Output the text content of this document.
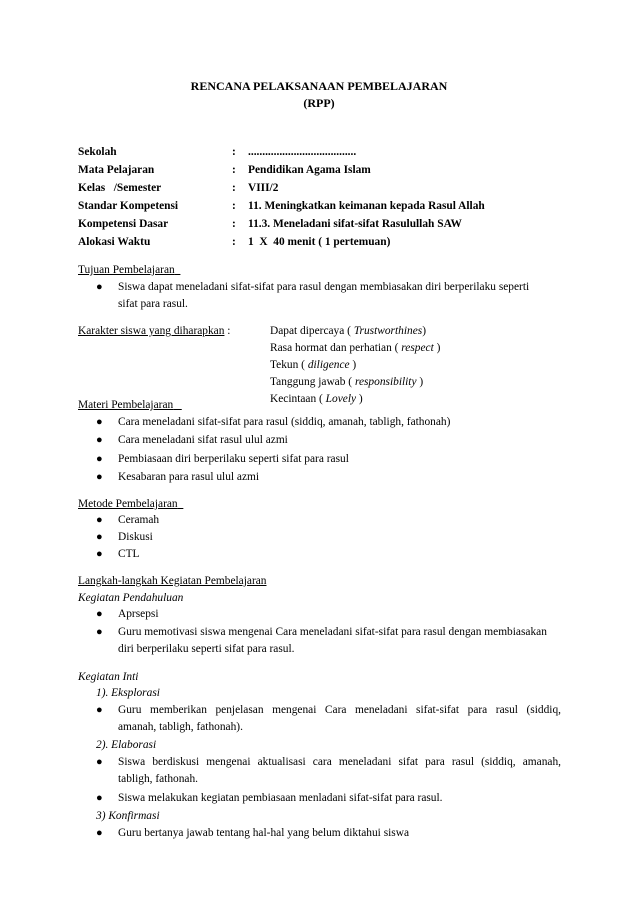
RENCANA PELAKSANAAN PEMBELAJARAN
(RPP)
Sekolah	: ......................................
Mata Pelajaran	: Pendidikan Agama Islam
Kelas   /Semester	: VIII/2
Standar Kompetensi	: 11. Meningkatkan keimanan kepada Rasul Allah
Kompetensi Dasar	: 11.3. Meneladani sifat-sifat Rasulullah SAW
Alokasi Waktu	: 1  X  40 menit ( 1 pertemuan)
Tujuan Pembelajaran
● Siswa dapat meneladani sifat-sifat para rasul dengan membiasakan diri berperilaku seperti
sifat para rasul.
Karakter siswa yang diharapkan :	Dapat dipercaya ( Trustworthines)
Rasa hormat dan perhatian ( respect )
Tekun ( diligence )
Tanggung jawab ( responsibility )
Kecintaan ( Lovely )
Materi Pembelajaran
● Cara meneladani sifat-sifat para rasul (siddiq, amanah, tabligh, fathonah)
● Cara meneladani sifat rasul ulul azmi
● Pembiasaan diri berperilaku seperti sifat para rasul
● Kesabaran para rasul ulul azmi
Metode Pembelajaran
● Ceramah
● Diskusi
● CTL
Langkah-langkah Kegiatan Pembelajaran
Kegiatan Pendahuluan
● Aprsepsi
● Guru memotivasi siswa mengenai Cara meneladani sifat-sifat para rasul dengan membiasakan
diri berperilaku seperti sifat para rasul.
Kegiatan Inti
1). Eksplorasi
● Guru memberikan penjelasan mengenai Cara meneladani sifat-sifat para rasul (siddiq,
amanah, tabligh, fathonah).
2). Elaborasi
● Siswa berdiskusi mengenai aktualisasi cara meneladani sifat para rasul (siddiq, amanah,
tabligh, fathonah.
● Siswa melakukan kegiatan pembiasaan menladani sifat-sifat para rasul.
3) Konfirmasi
● Guru bertanya jawab tentang hal-hal yang belum diktahui siswa
